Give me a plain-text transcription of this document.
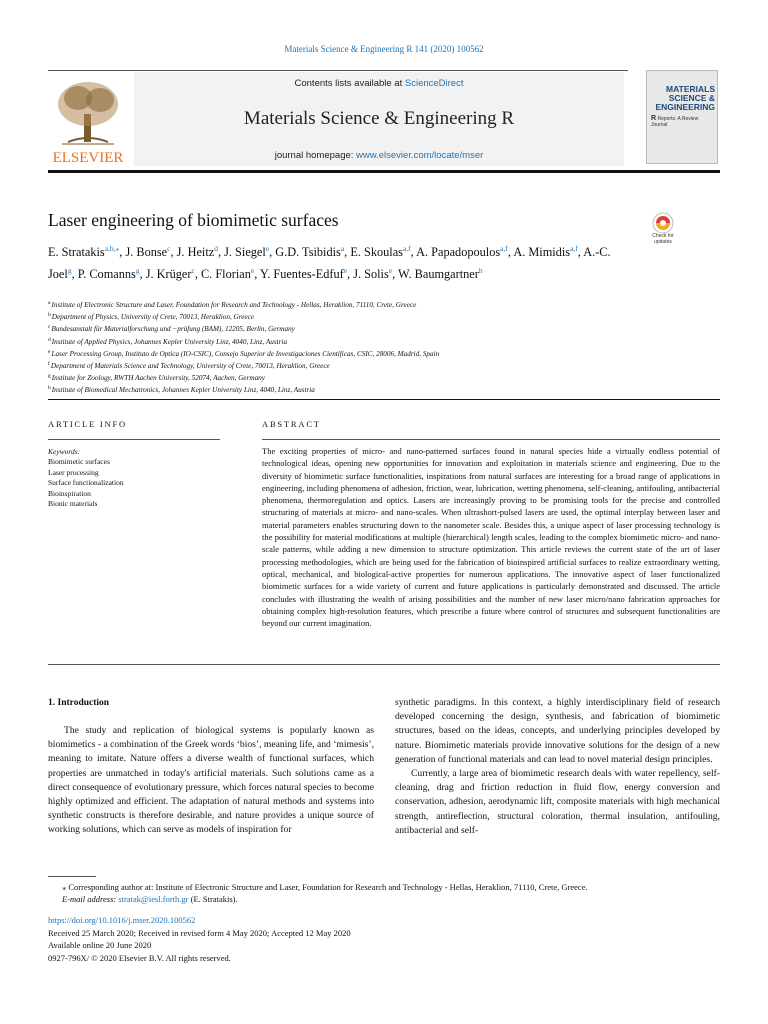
Materials Science & Engineering R 141 (2020) 100562
ELSEVIER
Contents lists available at ScienceDirect
Materials Science & Engineering R
journal homepage: www.elsevier.com/locate/mser
MATERIALS SCIENCE & ENGINEERING
R Reports: A Review Journal
Laser engineering of biomimetic surfaces
Check for updates
E. Stratakis$^{a,b,⁎}$, J. Bonse$^c$, J. Heitz$^d$, J. Siegel$^e$, G.D. Tsibidis$^a$, E. Skoulas$^{a,f}$, A. Papadopoulos$^{a,f}$, A. Mimidis$^{a,f}$, A.-C. Joel$^g$, P. Comanns$^g$, J. Krüger$^c$, C. Florian$^e$, Y. Fuentes-Edfuf$^e$, J. Solis$^e$, W. Baumgartner$^h$
$^a$Institute of Electronic Structure and Laser, Foundation for Research and Technology - Hellas, Heraklion, 71110, Crete, Greece
$^b$Department of Physics, University of Crete, 70013, Heraklion, Greece
$^c$Bundesanstalt für Materialforschung und −prüfung (BAM), 12205, Berlin, Germany
$^d$Institute of Applied Physics, Johannes Kepler University Linz, 4040, Linz, Austria
$^e$Laser Processing Group, Instituto de Optica (IO-CSIC), Consejo Superior de Investigaciones Científicas, CSIC, 28006, Madrid, Spain
$^f$Department of Materials Science and Technology, University of Crete, 70013, Heraklion, Greece
$^g$Institute for Zoology, RWTH Aachen University, 52074, Aachen, Germany
$^h$Institute of Biomedical Mechatronics, Johannes Kepler University Linz, 4040, Linz, Austria
ARTICLE INFO	ABSTRACT
Keywords:
Biomimetic surfaces
Laser processing
Surface functionalization
Bioinspiration
Bionic materials
The exciting properties of micro- and nano-patterned surfaces found in natural species hide a virtually endless potential of technological ideas, opening new opportunities for innovation and exploitation in materials science and engineering. Due to the diversity of biomimetic surface functionalities, inspirations from natural surfaces are interesting for a broad range of applications in engineering, including phenomena of adhesion, friction, wear, lubrication, wetting phenomena, self-cleaning, antifouling, antibacterial phenomena, thermoregulation and optics. Lasers are increasingly proving to be promising tools for the precise and controlled structuring of materials at micro- and nano-scales. When ultrashort-pulsed lasers are used, the optimal interplay between laser and material parameters enables structuring down to the nanometer scale. Besides this, a unique aspect of laser processing technology is the possibility for material modifications at multiple (hierarchical) length scales, leading to the complex biomimetic micro- and nano-scale patterns, while adding a new dimension to structure optimization. This article reviews the current state of the art of laser processing methodologies, which are being used for the fabrication of bioinspired artificial surfaces to realize extraordinary wetting, optical, mechanical, and biological-active properties for numerous applications. The innovative aspect of laser functionalized biomimetic surfaces for a wide variety of current and future applications is particularly demonstrated and discussed. The article concludes with illustrating the wealth of arising possibilities and the number of new laser micro/nano fabrication approaches for obtaining complex high-resolution features, which prescribe a future where control of structures and subsequent functionalities are beyond our current imagination.
1. Introduction

The study and replication of biological systems is popularly known as biomimetics - a combination of the Greek words ‘bios’, meaning life, and ‘mimesis’, meaning to imitate. Nature offers a diverse wealth of functional surfaces, which properties are unmatched in today's artificial materials. Such solutions came as a direct consequence of evolutionary pressure, which forces natural species to become highly optimized and efficient. The adaptation of natural methods and systems into synthetic constructs is therefore desirable, and nature provides a unique source of working solutions, which can serve as models of inspiration for

synthetic paradigms. In this context, a highly interdisciplinary field of research developed concerning the design, synthesis, and fabrication of biomimetic structures, based on the ideas, concepts, and underlying principles developed by nature. Biomimetic materials provide innovative solutions for the design of a new generation of functional materials and can lead to novel material design principles.

Currently, a large area of biomimetic research deals with water repellency, self-cleaning, drag and friction reduction in fluid flow, energy conversion and conservation, adhesion, aerodynamic lift, composite materials with high mechanical strength, antireflection, structural coloration, thermal insulation, antifouling, antibacterial and self-

⁎ Corresponding author at: Institute of Electronic Structure and Laser, Foundation for Research and Technology - Hellas, Heraklion, 71110, Crete, Greece.
E-mail address: stratak@iesl.forth.gr (E. Stratakis).
https://doi.org/10.1016/j.mser.2020.100562
Received 25 March 2020; Received in revised form 4 May 2020; Accepted 12 May 2020
Available online 20 June 2020
0927-796X/ © 2020 Elsevier B.V. All rights reserved.
